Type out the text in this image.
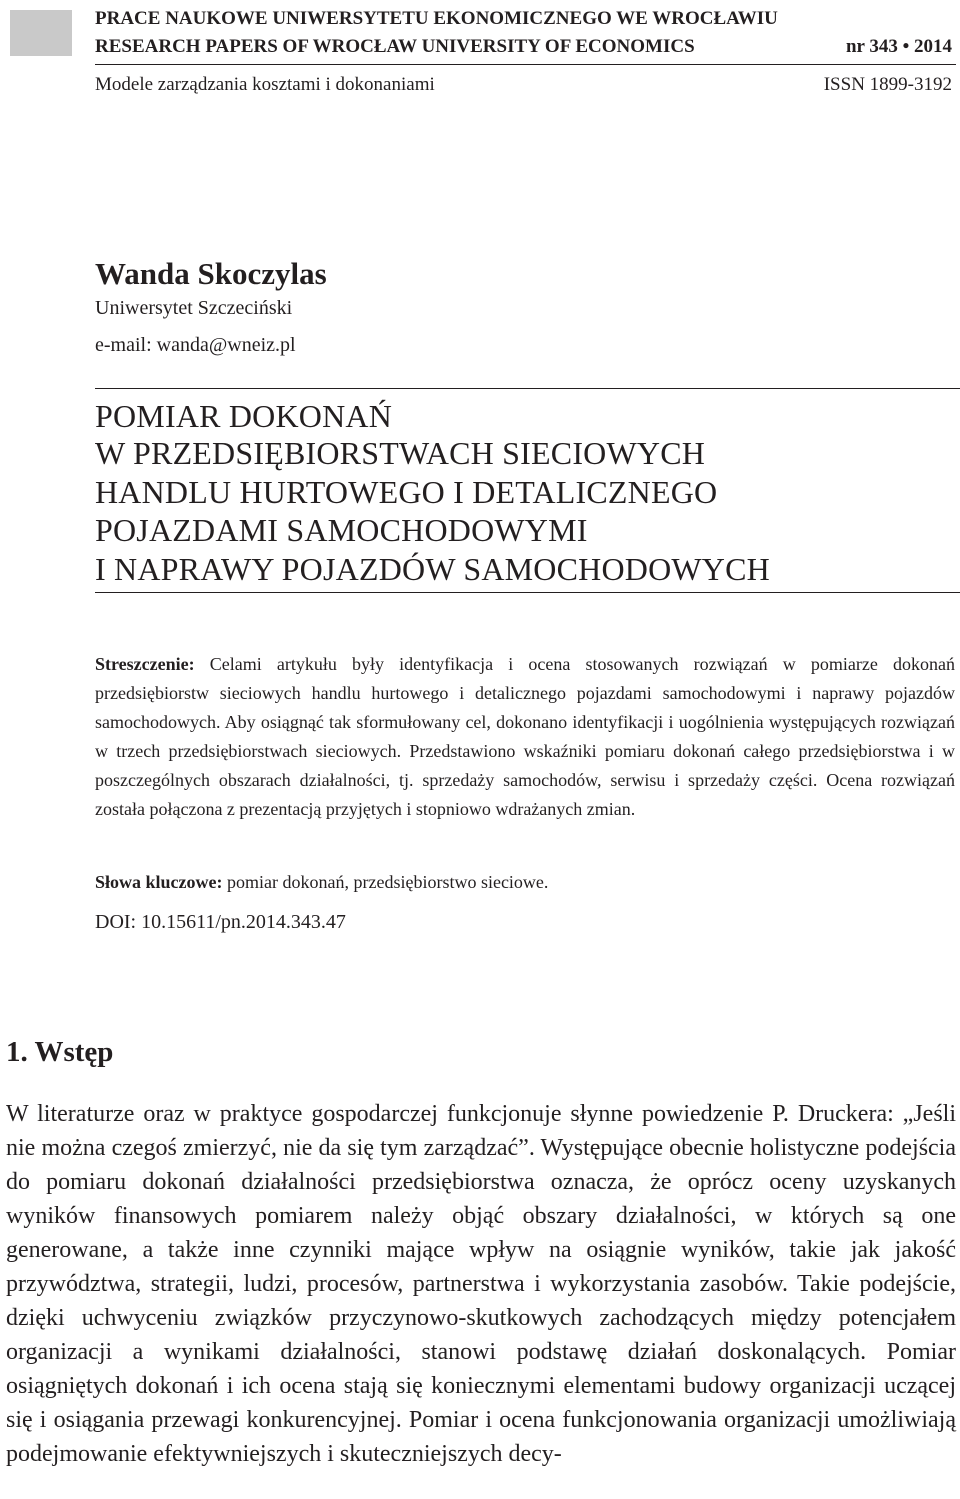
PRACE NAUKOWE UNIWERSYTETU EKONOMICZNEGO WE WROCŁAWIU
RESEARCH PAPERS OF WROCŁAW UNIVERSITY OF ECONOMICS	nr 343 • 2014
Modele zarządzania kosztami i dokonaniami	ISSN 1899-3192
Wanda Skoczylas
Uniwersytet Szczeciński
e-mail: wanda@wneiz.pl
POMIAR DOKONAŃ
W PRZEDSIĘBIORSTWACH SIECIOWYCH
HANDLU HURTOWEGO I DETALICZNEGO
POJAZDAMI SAMOCHODOWYMI
I NAPRAWY POJAZDÓW SAMOCHODOWYCH

Streszczenie: Celami artykułu były identyfikacja i ocena stosowanych rozwiązań w pomiarze dokonań przedsiębiorstw sieciowych handlu hurtowego i detalicznego pojazdami samochodowymi i naprawy pojazdów samochodowych. Aby osiągnąć tak sformułowany cel, dokonano identyfikacji i uogólnienia występujących rozwiązań w trzech przedsiębiorstwach sieciowych. Przedstawiono wskaźniki pomiaru dokonań całego przedsiębiorstwa i w poszczególnych obszarach działalności, tj. sprzedaży samochodów, serwisu i sprzedaży części. Ocena rozwiązań została połączona z prezentacją przyjętych i stopniowo wdrażanych zmian.

Słowa kluczowe: pomiar dokonań, przedsiębiorstwo sieciowe.
DOI: 10.15611/pn.2014.343.47
1. Wstęp

W literaturze oraz w praktyce gospodarczej funkcjonuje słynne powiedzenie P. Druckera: „Jeśli nie można czegoś zmierzyć, nie da się tym zarządzać”. Występujące obecnie holistyczne podejścia do pomiaru dokonań działalności przedsiębiorstwa oznacza, że oprócz oceny uzyskanych wyników finansowych pomiarem należy objąć obszary działalności, w których są one generowane, a także inne czynniki mające wpływ na osiągnie wyników, takie jak jakość przywództwa, strategii, ludzi, procesów, partnerstwa i wykorzystania zasobów. Takie podejście, dzięki uchwyceniu związków przyczynowo-skutkowych zachodzących między potencjałem organizacji a wynikami działalności, stanowi podstawę działań doskonalących. Pomiar osiągniętych dokonań i ich ocena stają się koniecznymi elementami budowy organizacji uczącej się i osiągania przewagi konkurencyjnej. Pomiar i ocena funkcjonowania organizacji umożliwiają podejmowanie efektywniejszych i skuteczniejszych decy-
